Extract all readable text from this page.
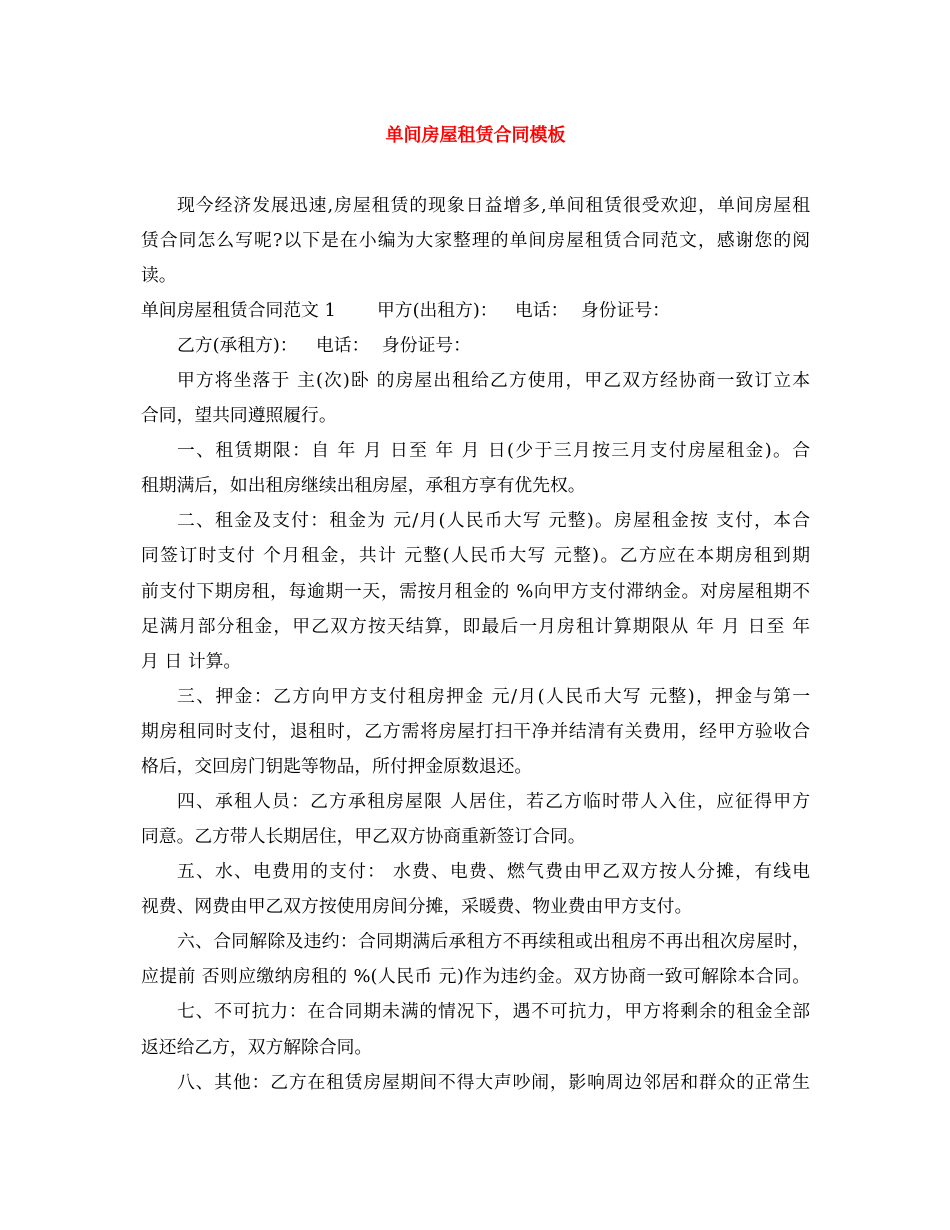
单间房屋租赁合同模板
现今经济发展迅速,房屋租赁的现象日益增多,单间租赁很受欢迎，单间房屋租
赁合同怎么写呢?以下是在小编为大家整理的单间房屋租赁合同范文，感谢您的阅
读。
单间房屋租赁合同范文 1 甲方(出租方)： 电话： 身份证号：
乙方(承租方)： 电话： 身份证号：
甲方将坐落于 主(次)卧 的房屋出租给乙方使用，甲乙双方经协商一致订立本
合同，望共同遵照履行。
一、租赁期限：自 年 月 日至 年 月 日(少于三月按三月支付房屋租金)。合
租期满后，如出租房继续出租房屋，承租方享有优先权。
二、租金及支付：租金为 元/月(人民币大写 元整)。房屋租金按 支付，本合
同签订时支付 个月租金，共计 元整(人民币大写 元整)。乙方应在本期房租到期
前支付下期房租，每逾期一天，需按月租金的 %向甲方支付滞纳金。对房屋租期不
足满月部分租金，甲乙双方按天结算，即最后一月房租计算期限从 年 月 日至 年
月 日 计算。
三、押金：乙方向甲方支付租房押金 元/月(人民币大写 元整)，押金与第一
期房租同时支付，退租时，乙方需将房屋打扫干净并结清有关费用，经甲方验收合
格后，交回房门钥匙等物品，所付押金原数退还。
四、承租人员：乙方承租房屋限 人居住，若乙方临时带人入住，应征得甲方
同意。乙方带人长期居住，甲乙双方协商重新签订合同。
五、水、电费用的支付： 水费、电费、燃气费由甲乙双方按人分摊，有线电
视费、网费由甲乙双方按使用房间分摊，采暖费、物业费由甲方支付。
六、合同解除及违约：合同期满后承租方不再续租或出租房不再出租次房屋时，
应提前 否则应缴纳房租的 %(人民币 元)作为违约金。双方协商一致可解除本合同。
七、不可抗力：在合同期未满的情况下，遇不可抗力，甲方将剩余的租金全部
返还给乙方，双方解除合同。
八、其他：乙方在租赁房屋期间不得大声吵闹，影响周边邻居和群众的正常生
